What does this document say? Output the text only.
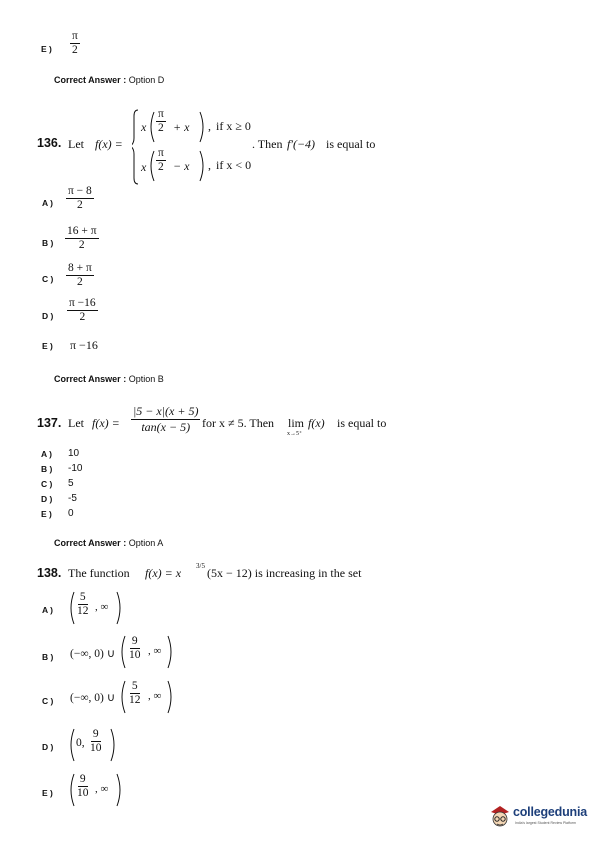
E ) $\frac{\pi}{2}$
Correct Answer : Option D
136. Let f(x) =
x $\frac{\pi}{2} + x$ , if x ≥ 0
x $\frac{\pi}{2} - x$ , if x < 0
. Then f′(−4) is equal to
A ) $\frac{\pi - 8}{2}$
B ) $\frac{16 + \pi}{2}$
C ) $\frac{8 + \pi}{2}$
D ) $\frac{\pi -16}{2}$
E ) π −16
Correct Answer : Option B
137. Let $f(x) = \frac{|5 - x|(x + 5)}{\tan(x - 5)}$ for x ≠ 5. Then lim
x→5⁺
f(x) is equal to
A )	10
B )	-10
C )	5
D )	-5
E )	0
Correct Answer : Option A
138. The function f(x) = x 3/5 (5x − 12) is increasing in the set
A ) $\frac{5}{12}$ , ∞
B ) (−∞, 0) ∪ $\frac{9}{10}$ , ∞
C ) (−∞, 0) ∪ $\frac{5}{12}$ , ∞
D ) 0, $\frac{9}{10}$
E ) $\frac{9}{10}$ , ∞
collegedunia
India's largest Student Review Platform
